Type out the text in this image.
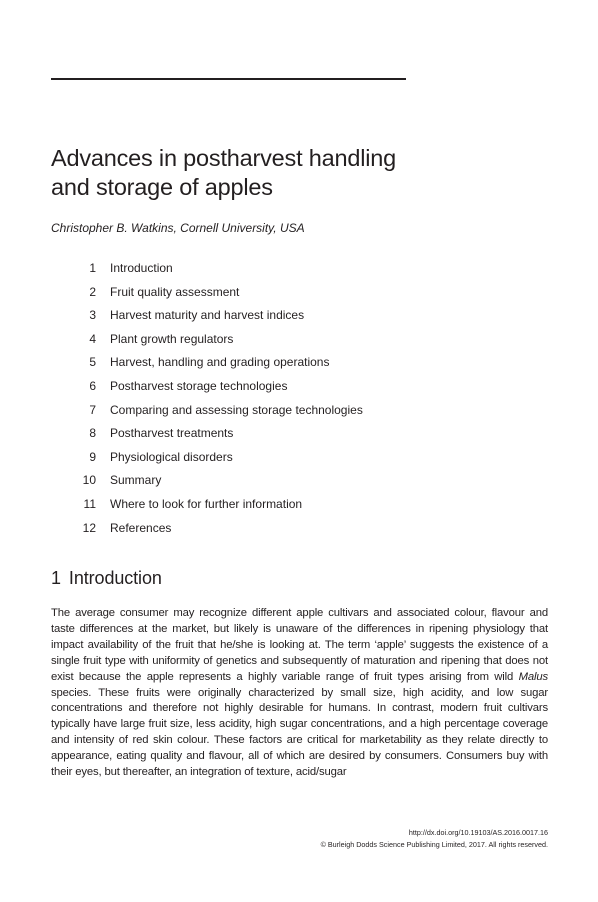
Advances in postharvest handling
and storage of apples

Christopher B. Watkins, Cornell University, USA

1 Introduction
2 Fruit quality assessment
3 Harvest maturity and harvest indices
4 Plant growth regulators
5 Harvest, handling and grading operations
6 Postharvest storage technologies
7 Comparing and assessing storage technologies
8 Postharvest treatments
9 Physiological disorders
10 Summary
11 Where to look for further information
12 References
1 Introduction

The average consumer may recognize different apple cultivars and associated colour, flavour and taste differences at the market, but likely is unaware of the differences in ripening physiology that impact availability of the fruit that he/she is looking at. The term ‘apple’ suggests the existence of a single fruit type with uniformity of genetics and subsequently of maturation and ripening that does not exist because the apple represents a highly variable range of fruit types arising from wild Malus species. These fruits were originally characterized by small size, high acidity, and low sugar concentrations and therefore not highly desirable for humans. In contrast, modern fruit cultivars typically have large fruit size, less acidity, high sugar concentrations, and a high percentage coverage and intensity of red skin colour. These factors are critical for marketability as they relate directly to appearance, eating quality and flavour, all of which are desired by consumers. Consumers buy with their eyes, but thereafter, an integration of texture, acid/sugar

http://dx.doi.org/10.19103/AS.2016.0017.16
© Burleigh Dodds Science Publishing Limited, 2017. All rights reserved.
